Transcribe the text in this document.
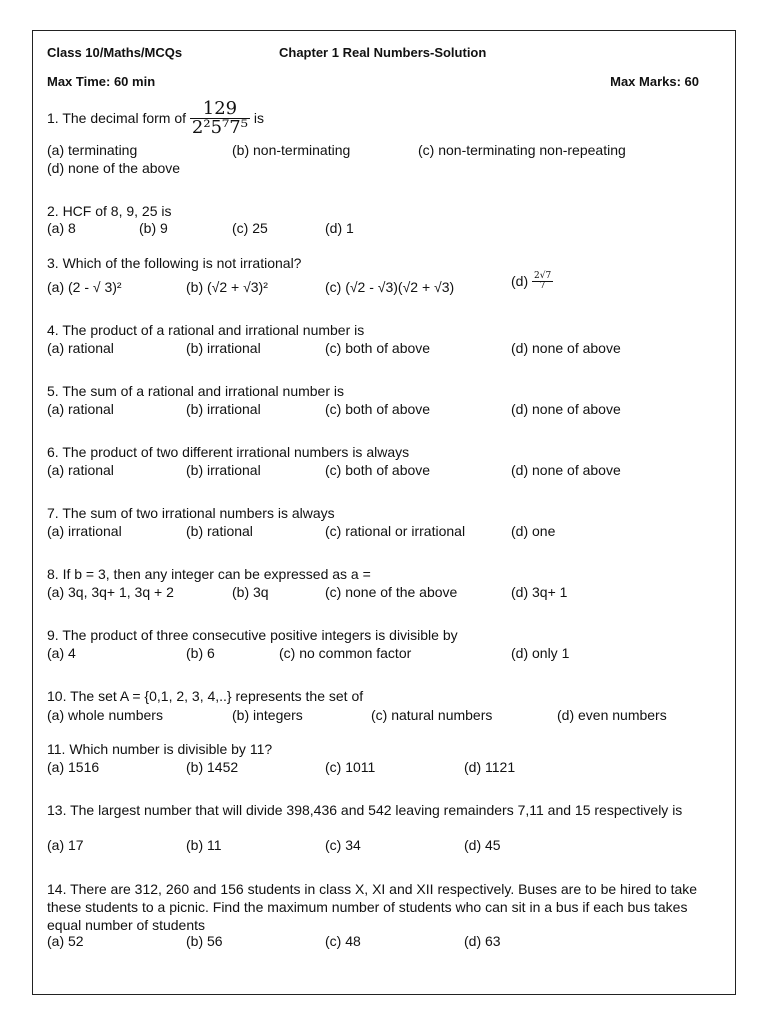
Class 10/Maths/MCQs	Chapter 1 Real Numbers-Solution
Max Time: 60 min	Max Marks: 60
1. The decimal form of $\frac{129}{\text{2²5⁷7⁵}}$ is
(a) terminating	(b) non-terminating	(c) non-terminating non-repeating
(d) none of the above
2. HCF of 8, 9, 25 is
(a) 8	(b) 9	(c) 25	(d) 1
3. Which of the following is not irrational?
(a) (2 - √ 3)²	(b) (√2 + √3)²	(c) (√2 - √3)(√2 + √3)	$(d) \frac{2√7}{7}$
4. The product of a rational and irrational number is
(a) rational	(b) irrational	(c) both of above	(d) none of above
5. The sum of a rational and irrational number is
(a) rational	(b) irrational	(c) both of above	(d) none of above
6. The product of two different irrational numbers is always
(a) rational	(b) irrational	(c) both of above	(d) none of above
7. The sum of two irrational numbers is always
(a) irrational	(b) rational	(c) rational or irrational	(d) one
8. If b = 3, then any integer can be expressed as a =
(a) 3q, 3q+ 1, 3q + 2	(b) 3q	(c) none of the above	(d) 3q+ 1
9. The product of three consecutive positive integers is divisible by
(a) 4	(b) 6	(c) no common factor	(d) only 1
10. The set A = {0,1, 2, 3, 4,..} represents the set of
(a) whole numbers	(b) integers	(c) natural numbers	(d) even numbers
11. Which number is divisible by 11?
(a) 1516	(b) 1452	(c) 1011	(d) 1121
13. The largest number that will divide 398,436 and 542 leaving remainders 7,11 and 15 respectively is
(a) 17	(b) 11	(c) 34	(d) 45
14. There are 312, 260 and 156 students in class X, XI and XII respectively. Buses are to be hired to take these students to a picnic. Find the maximum number of students who can sit in a bus if each bus takes equal number of students
(a) 52	(b) 56	(c) 48	(d) 63
